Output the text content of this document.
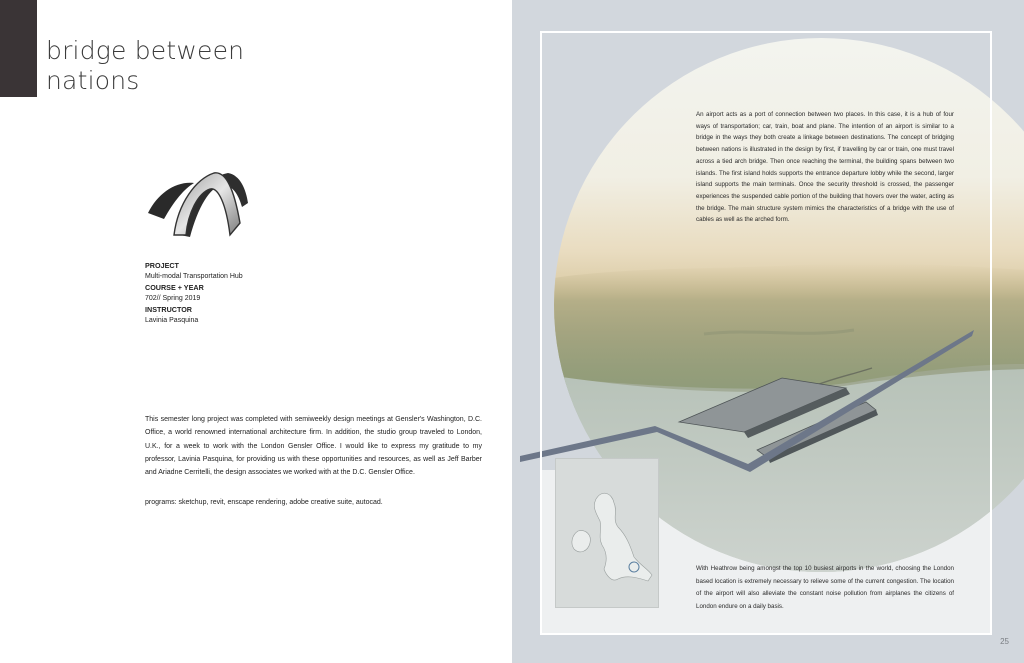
bridge between
nations
PROJECT
Multi-modal Transportation Hub
COURSE + YEAR
702// Spring 2019
INSTRUCTOR
Lavinia Pasquina

This semester long project was completed with semiweekly design meetings at Gensler's Washington, D.C. Office, a world renowned international architecture firm. In addition, the studio group traveled to London, U.K., for a week to work with the London Gensler Office. I would like to express my gratitude to my professor, Lavinia Pasquina, for providing us with these opportunities and resources, as well as Jeff Barber and Ariadne Cerritelli, the design associates we worked with at the D.C. Gensler Office.

programs: sketchup, revit, enscape rendering, adobe creative suite, autocad.

An airport acts as a port of connection between two places. In this case, it is a hub of four ways of transportation; car, train, boat and plane. The intention of an airport is similar to a bridge in the ways they both create a linkage between destinations. The concept of bridging between nations is illustrated in the design by first, if travelling by car or train, one must travel across a tied arch bridge. Then once reaching the terminal, the building spans between two islands. The first island holds supports the entrance departure lobby while the second, larger island supports the main terminals. Once the security threshold is crossed, the passenger experiences the suspended cable portion of the building that hovers over the water, acting as the bridge. The main structure system mimics the characteristics of a bridge with the use of cables as well as the arched form.

With Heathrow being amongst the top 10 busiest airports in the world, choosing the London based location is extremely necessary to relieve some of the current congestion. The location of the airport will also alleviate the constant noise pollution from airplanes the citizens of London endure on a daily basis.

25
